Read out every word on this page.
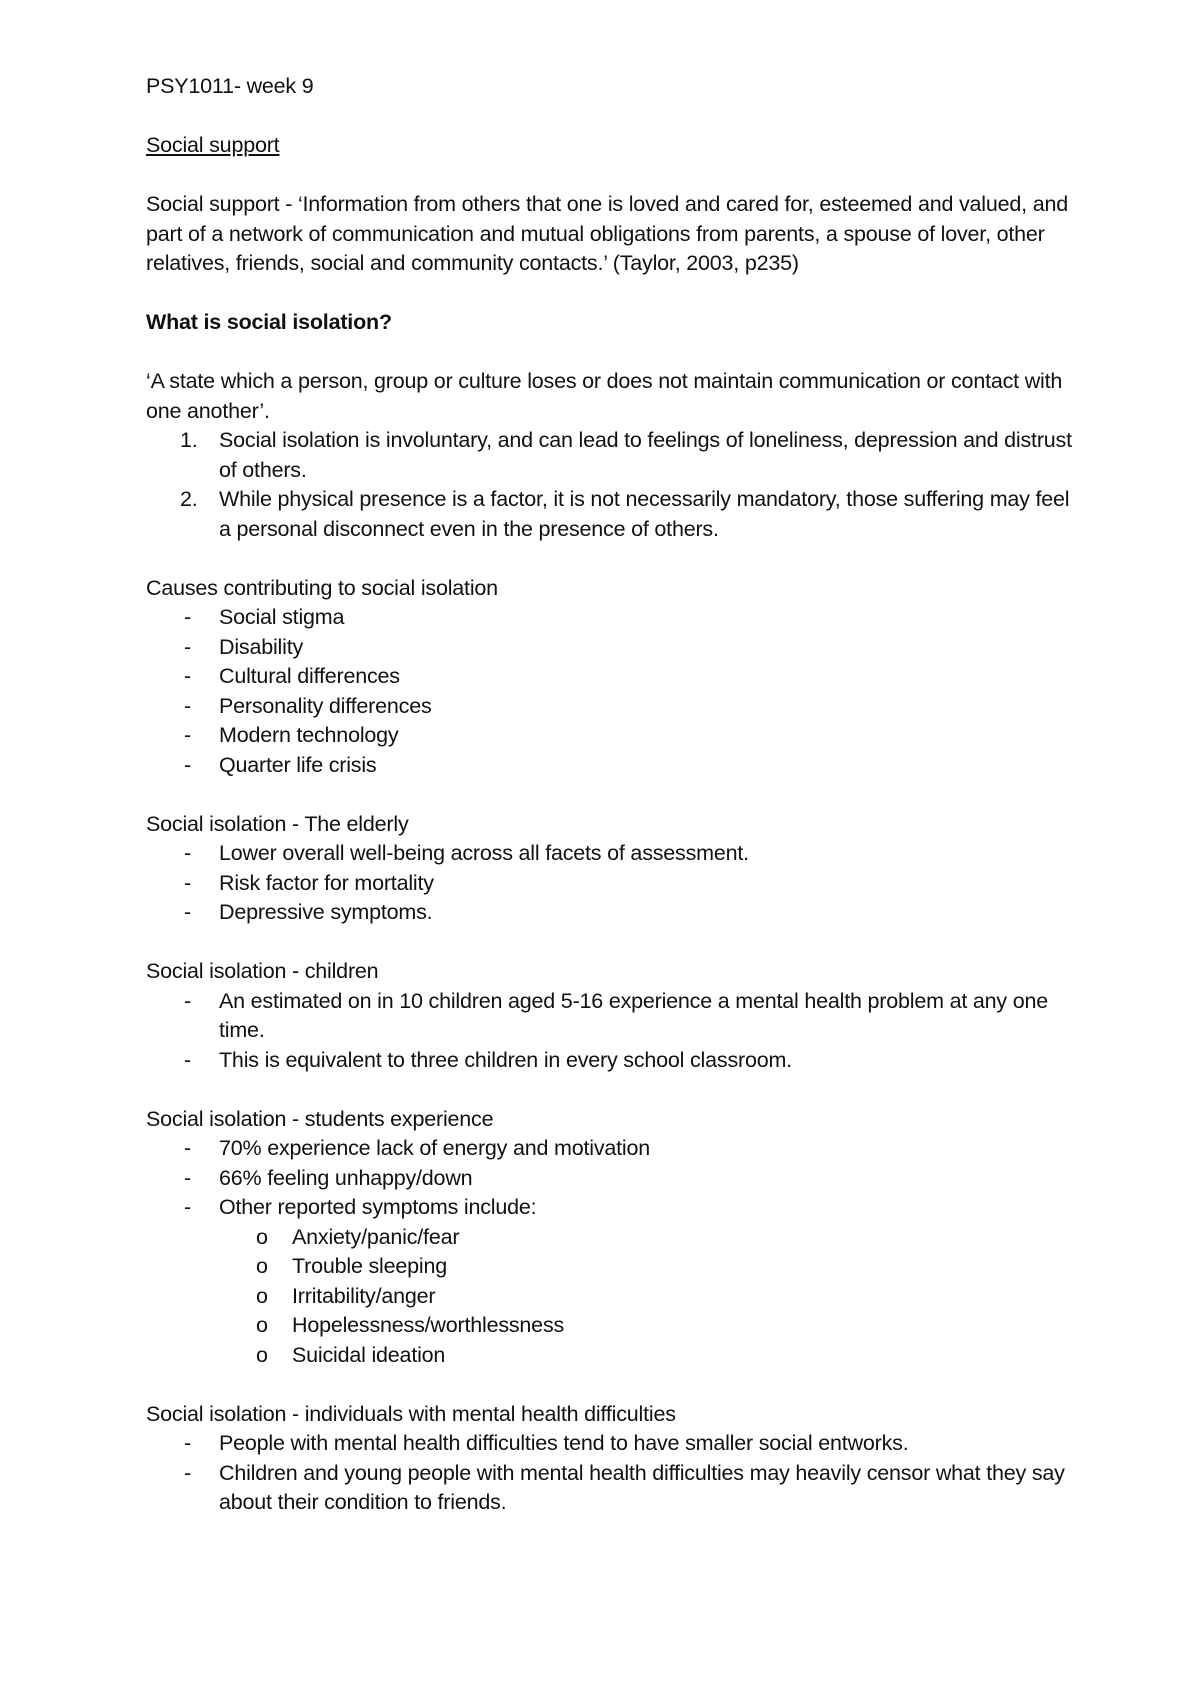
PSY1011- week 9

Social support

Social support - ‘Information from others that one is loved and cared for, esteemed and valued, and part of a network of communication and mutual obligations from parents, a spouse of lover, other relatives, friends, social and community contacts.’ (Taylor, 2003, p235)

What is social isolation?

‘A state which a person, group or culture loses or does not maintain communication or contact with one another’.

1. Social isolation is involuntary, and can lead to feelings of loneliness, depression and distrust of others.
2. While physical presence is a factor, it is not necessarily mandatory, those suffering may feel a personal disconnect even in the presence of others.

Causes contributing to social isolation

-	Social stigma
-	Disability
-	Cultural differences
-	Personality differences
-	Modern technology
-	Quarter life crisis

Social isolation - The elderly

-	Lower overall well-being across all facets of assessment.
-	Risk factor for mortality
-	Depressive symptoms.

Social isolation - children

-	An estimated on in 10 children aged 5-16 experience a mental health problem at any one time.
-	This is equivalent to three children in every school classroom.

Social isolation - students experience

-	70% experience lack of energy and motivation
-	66% feeling unhappy/down
-	Other reported symptoms include:
o	Anxiety/panic/fear
o	Trouble sleeping
o	Irritability/anger
o	Hopelessness/worthlessness
o	Suicidal ideation

Social isolation - individuals with mental health difficulties

-	People with mental health difficulties tend to have smaller social entworks.
-	Children and young people with mental health difficulties may heavily censor what they say about their condition to friends.
